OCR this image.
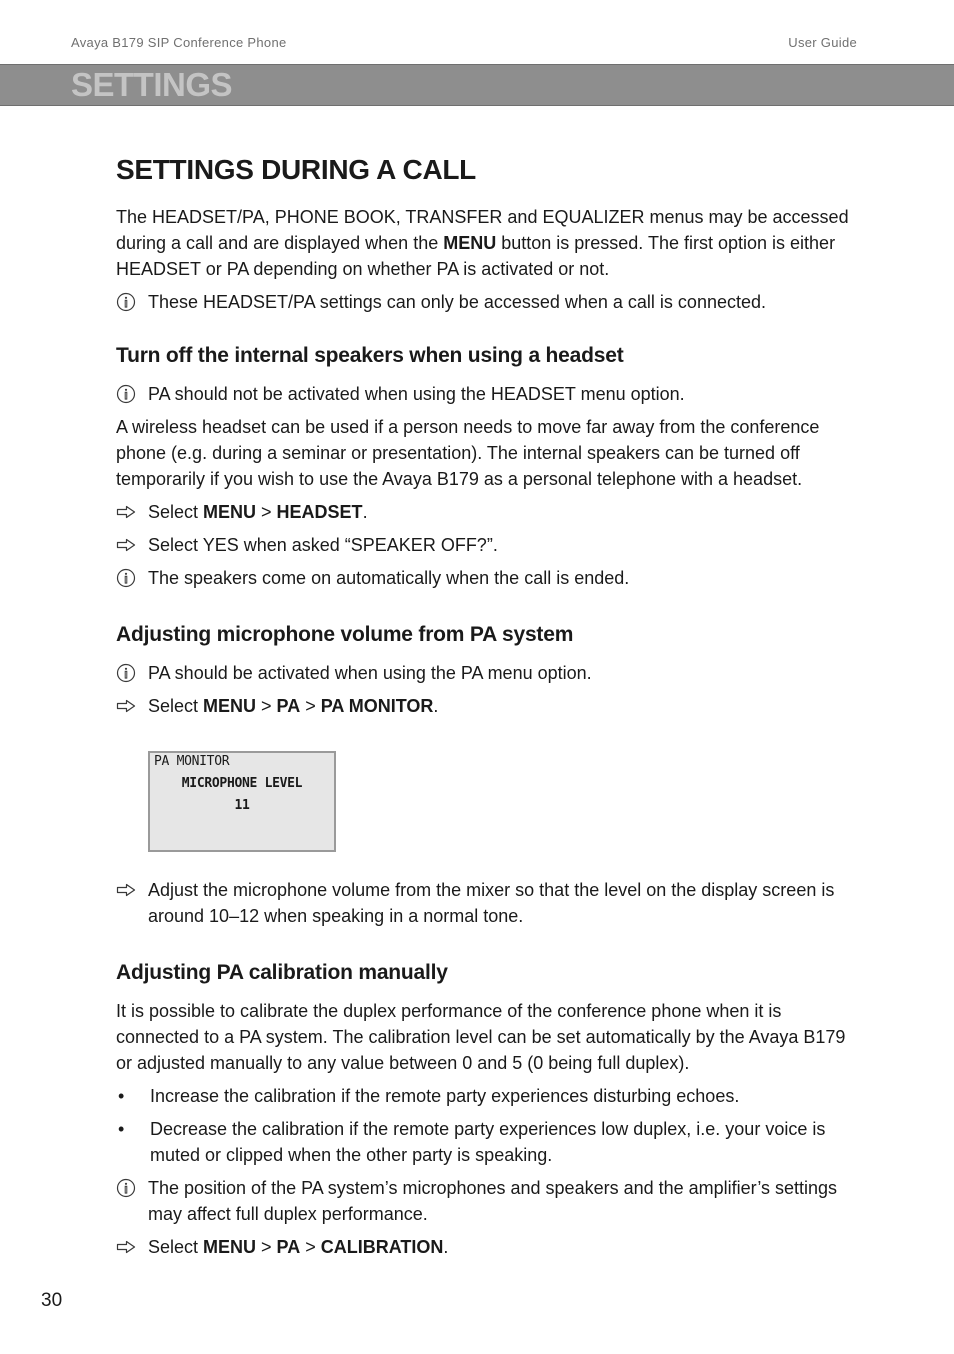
Avaya B179 SIP Conference Phone	User Guide
SETTINGS
SETTINGS DURING A CALL

The HEADSET/PA, PHONE BOOK, TRANSFER and EQUALIZER menus may be accessed during a call and are displayed when the MENU button is pressed. The first option is either HEADSET or PA depending on whether PA is activated or not.

These HEADSET/PA settings can only be accessed when a call is connected.
Turn off the internal speakers when using a headset
PA should not be activated when using the HEADSET menu option.

A wireless headset can be used if a person needs to move far away from the conference phone (e.g. during a seminar or presentation). The internal speakers can be turned off temporarily if you wish to use the Avaya B179 as a personal telephone with a headset.

Select MENU > HEADSET.
Select YES when asked “SPEAKER OFF?”.
The speakers come on automatically when the call is ended.
Adjusting microphone volume from PA system
PA should be activated when using the PA menu option.
Select MENU > PA > PA MONITOR.
PA MONITOR
MICROPHONE LEVEL
11
Adjust the microphone volume from the mixer so that the level on the display screen is around 10–12 when speaking in a normal tone.
Adjusting PA calibration manually

It is possible to calibrate the duplex performance of the conference phone when it is connected to a PA system. The calibration level can be set automatically by the Avaya B179 or adjusted manually to any value between 0 and 5 (0 being full duplex).

•	Increase the calibration if the remote party experiences disturbing echoes.
•	Decrease the calibration if the remote party experiences low duplex, i.e. your voice is muted or clipped when the other party is speaking.
The position of the PA system’s microphones and speakers and the amplifier’s settings may affect full duplex performance.
Select MENU > PA > CALIBRATION.
30
